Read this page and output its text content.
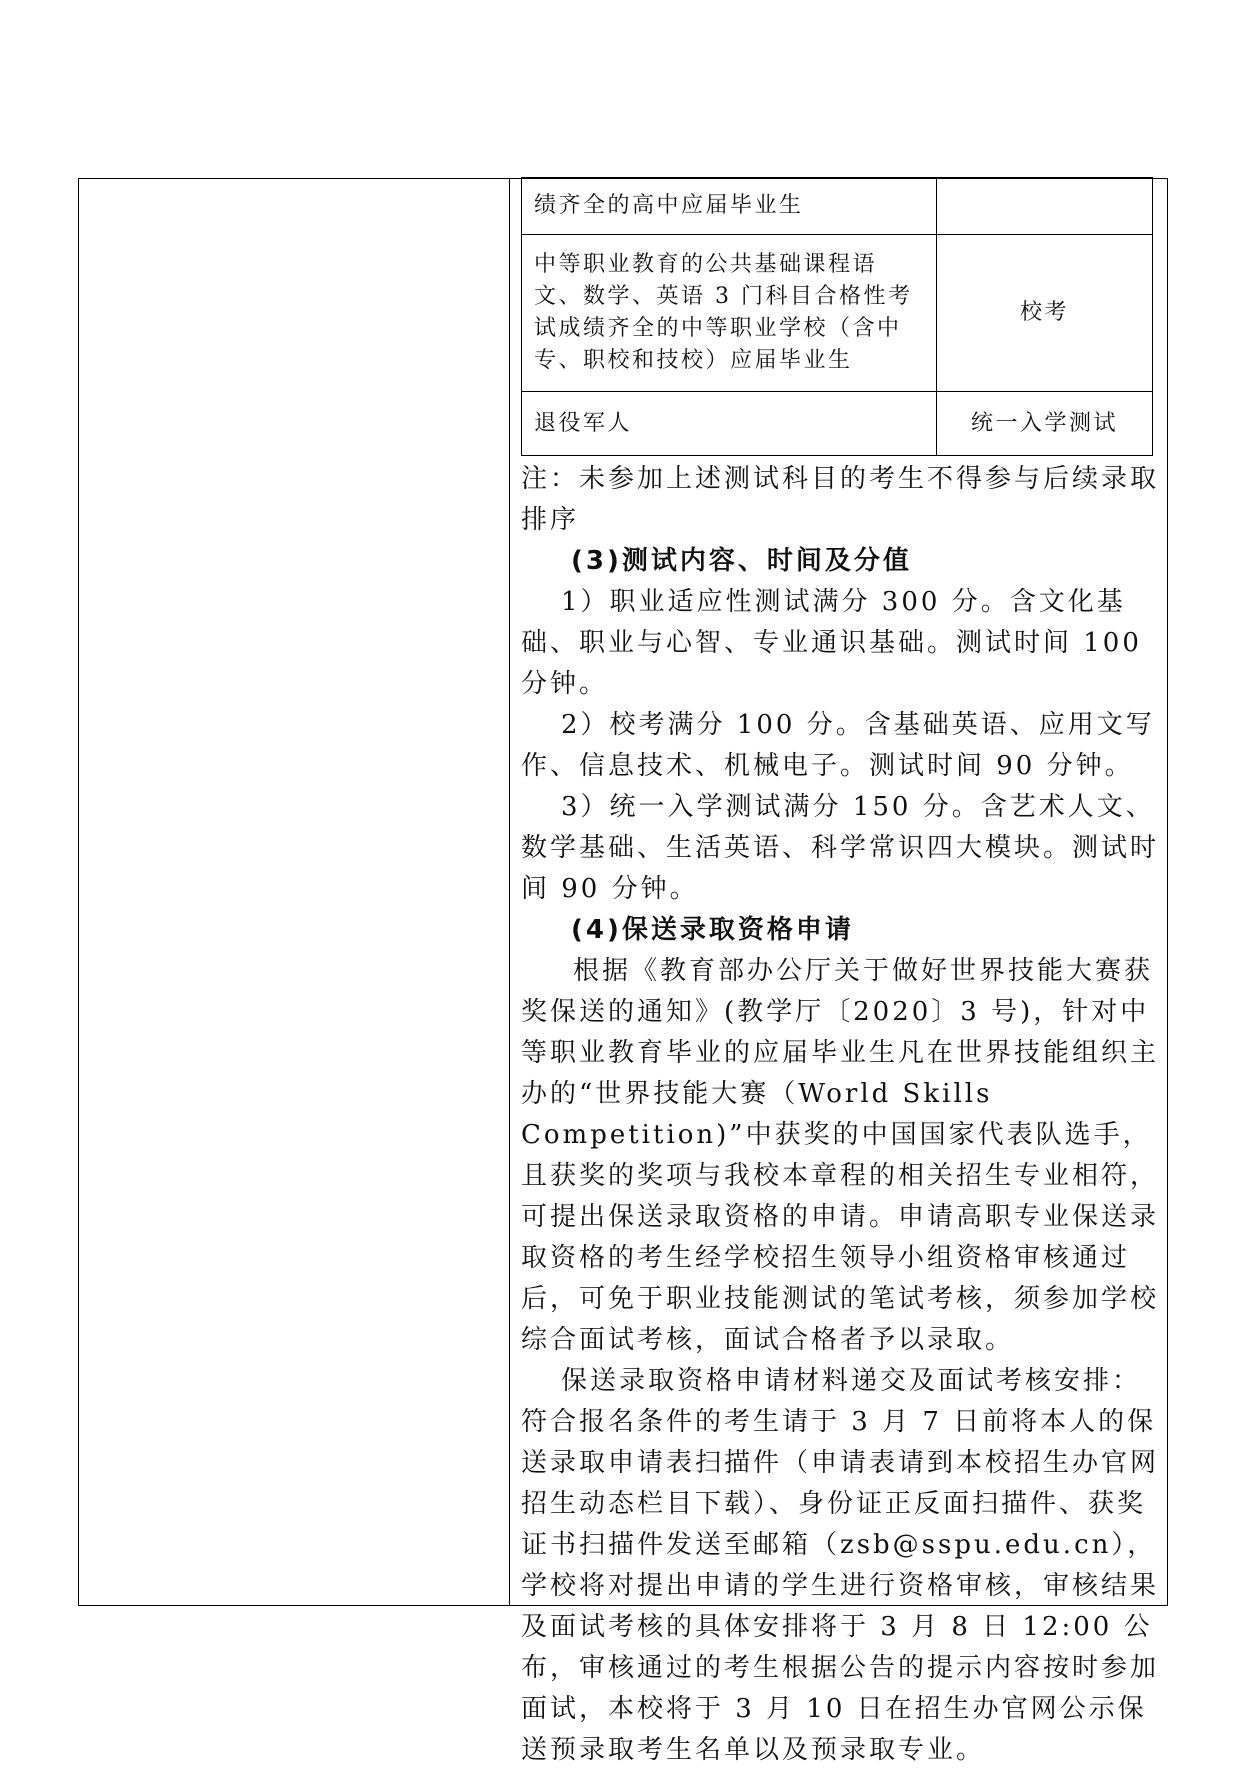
绩齐全的高中应届毕业生	
中等职业教育的公共基础课程语文、数学、英语 3 门科目合格性考试成绩齐全的中等职业学校（含中专、职校和技校）应届毕业生	校考
退役军人	统一入学测试

注：未参加上述测试科目的考生不得参与后续录取排序

(3)测试内容、时间及分值

1）职业适应性测试满分 300 分。含文化基础、职业与心智、专业通识基础。测试时间 100 分钟。

2）校考满分 100 分。含基础英语、应用文写作、信息技术、机械电子。测试时间 90 分钟。

3）统一入学测试满分 150 分。含艺术人文、数学基础、生活英语、科学常识四大模块。测试时间 90 分钟。

(4)保送录取资格申请

根据《教育部办公厅关于做好世界技能大赛获奖保送的通知》(教学厅〔2020〕3 号)，针对中等职业教育毕业的应届毕业生凡在世界技能组织主办的“世界技能大赛（World Skills Competition)”中获奖的中国国家代表队选手，且获奖的奖项与我校本章程的相关招生专业相符，可提出保送录取资格的申请。申请高职专业保送录取资格的考生经学校招生领导小组资格审核通过后，可免于职业技能测试的笔试考核，须参加学校综合面试考核，面试合格者予以录取。

保送录取资格申请材料递交及面试考核安排：符合报名条件的考生请于 3 月 7 日前将本人的保送录取申请表扫描件（申请表请到本校招生办官网招生动态栏目下载）、身份证正反面扫描件、获奖证书扫描件发送至邮箱（zsb@sspu.edu.cn），学校将对提出申请的学生进行资格审核，审核结果及面试考核的具体安排将于 3 月 8 日 12:00 公布，审核通过的考生根据公告的提示内容按时参加面试，本校将于 3 月 10 日在招生办官网公示保送预录取考生名单以及预录取专业。
